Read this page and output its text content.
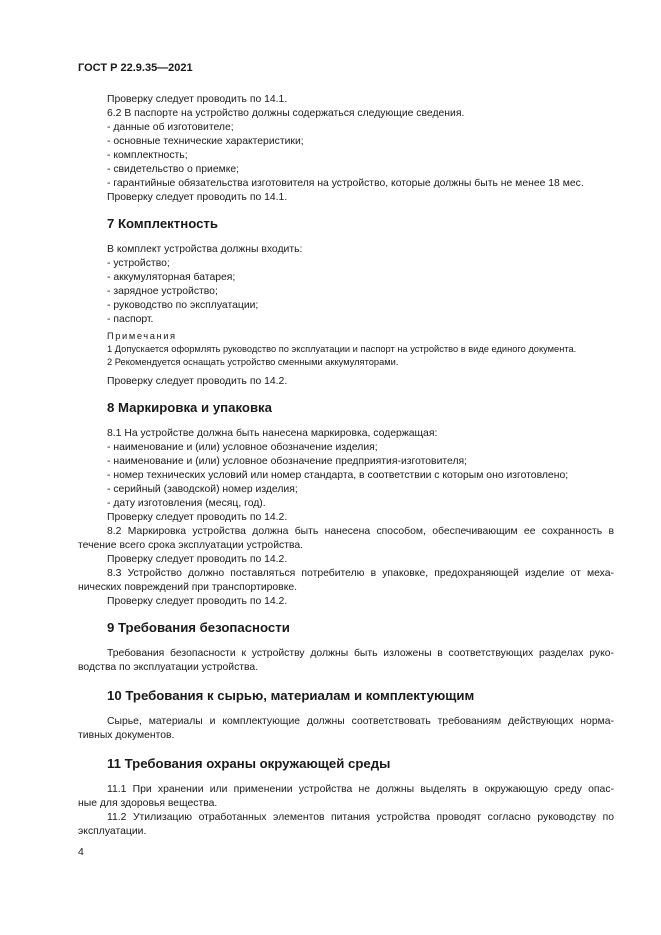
ГОСТ Р 22.9.35—2021
Проверку следует проводить по 14.1.
6.2 В паспорте на устройство должны содержаться следующие сведения.
- данные об изготовителе;
- основные технические характеристики;
- комплектность;
- свидетельство о приемке;
- гарантийные обязательства изготовителя на устройство, которые должны быть не менее 18 мес.
Проверку следует проводить по 14.1.
7 Комплектность
В комплект устройства должны входить:
- устройство;
- аккумуляторная батарея;
- зарядное устройство;
- руководство по эксплуатации;
- паспорт.
Примечания
1 Допускается оформлять руководство по эксплуатации и паспорт на устройство в виде единого документа.
2 Рекомендуется оснащать устройство сменными аккумуляторами.
Проверку следует проводить по 14.2.
8 Маркировка и упаковка
8.1 На устройстве должна быть нанесена маркировка, содержащая:
- наименование и (или) условное обозначение изделия;
- наименование и (или) условное обозначение предприятия-изготовителя;
- номер технических условий или номер стандарта, в соответствии с которым оно изготовлено;
- серийный (заводской) номер изделия;
- дату изготовления (месяц, год).
Проверку следует проводить по 14.2.
8.2 Маркировка устройства должна быть нанесена способом, обеспечивающим ее сохранность в
течение всего срока эксплуатации устройства.
Проверку следует проводить по 14.2.
8.3 Устройство должно поставляться потребителю в упаковке, предохраняющей изделие от меха-
нических повреждений при транспортировке.
Проверку следует проводить по 14.2.
9 Требования безопасности
Требования безопасности к устройству должны быть изложены в соответствующих разделах руко-
водства по эксплуатации устройства.
10 Требования к сырью, материалам и комплектующим
Сырье, материалы и комплектующие должны соответствовать требованиям действующих норма-
тивных документов.
11 Требования охраны окружающей среды
11.1 При хранении или применении устройства не должны выделять в окружающую среду опас-
ные для здоровья вещества.
11.2 Утилизацию отработанных элементов питания устройства проводят согласно руководству по
эксплуатации.
4
